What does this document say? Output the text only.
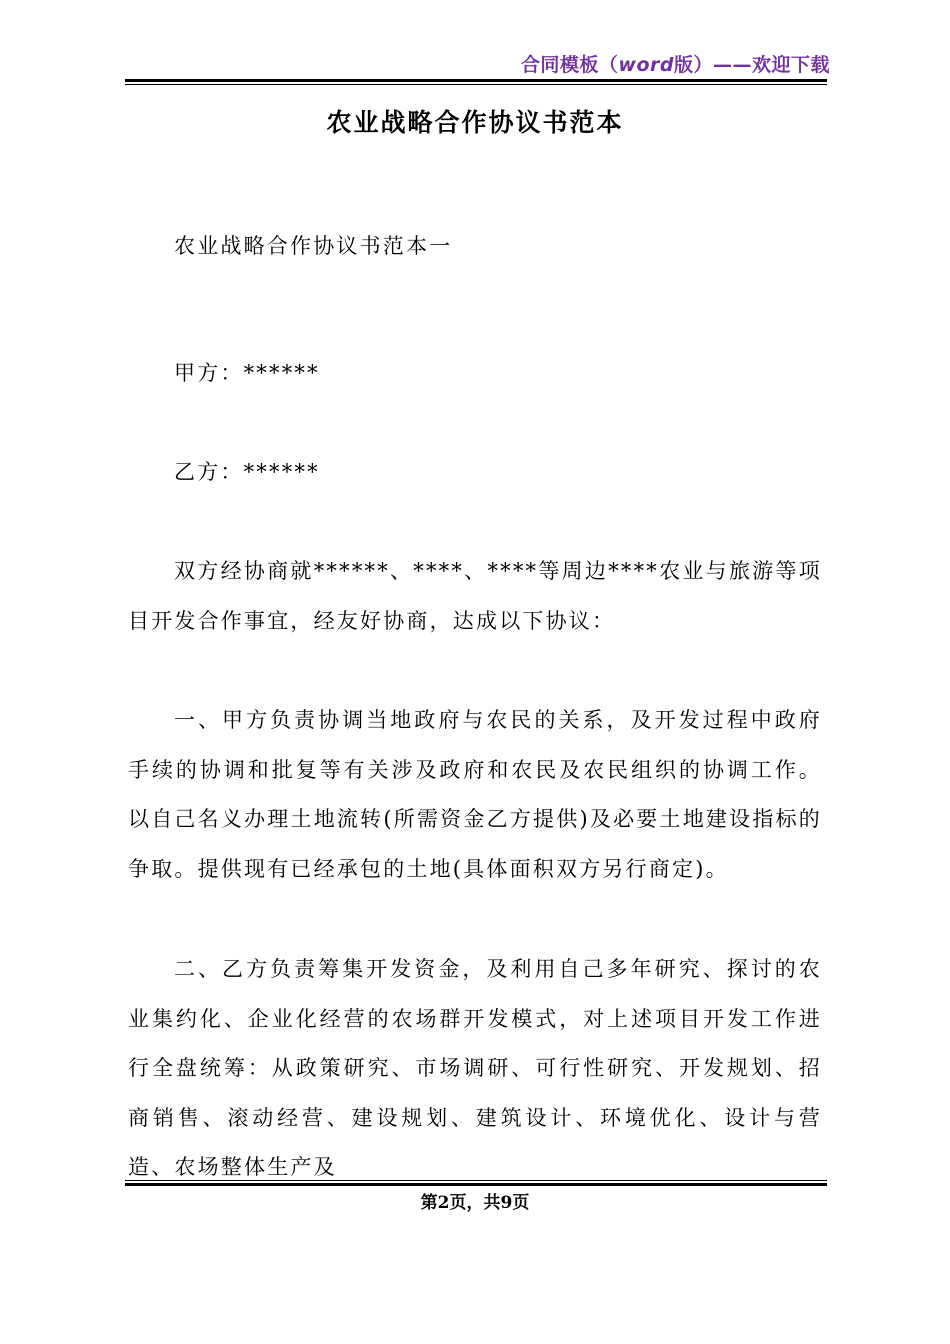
合同模板（word版）——欢迎下载
农业战略合作协议书范本

农业战略合作协议书范本一

甲方：******

乙方：******

双方经协商就******、****、****等周边****农业与旅游等项目开发合作事宜，经友好协商，达成以下协议：

一、甲方负责协调当地政府与农民的关系，及开发过程中政府手续的协调和批复等有关涉及政府和农民及农民组织的协调工作。以自己名义办理土地流转(所需资金乙方提供)及必要土地建设指标的争取。提供现有已经承包的土地(具体面积双方另行商定)。

二、乙方负责筹集开发资金，及利用自己多年研究、探讨的农业集约化、企业化经营的农场群开发模式，对上述项目开发工作进行全盘统筹：从政策研究、市场调研、可行性研究、开发规划、招商销售、滚动经营、建设规划、建筑设计、环境优化、设计与营造、农场整体生产及

第2页，共9页
